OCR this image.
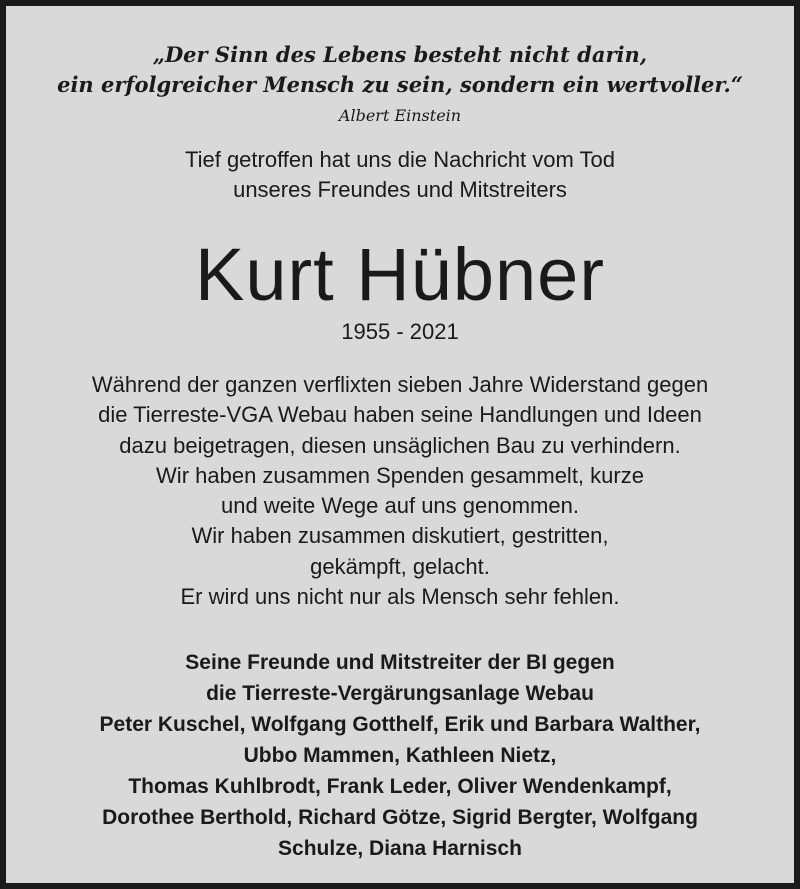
„Der Sinn des Lebens besteht nicht darin,
ein erfolgreicher Mensch zu sein, sondern ein wertvoller.“
Albert Einstein
Tief getroffen hat uns die Nachricht vom Tod
unseres Freundes und Mitstreiters
Kurt Hübner
1955 - 2021
Während der ganzen verflixten sieben Jahre Widerstand gegen
die Tierreste-VGA Webau haben seine Handlungen und Ideen
dazu beigetragen, diesen unsäglichen Bau zu verhindern.
Wir haben zusammen Spenden gesammelt, kurze
und weite Wege auf uns genommen.
Wir haben zusammen diskutiert, gestritten,
gekämpft, gelacht.
Er wird uns nicht nur als Mensch sehr fehlen.
Seine Freunde und Mitstreiter der BI gegen
die Tierreste-Vergärungsanlage Webau
Peter Kuschel, Wolfgang Gotthelf, Erik und Barbara Walther,
Ubbo Mammen, Kathleen Nietz,
Thomas Kuhlbrodt, Frank Leder, Oliver Wendenkampf,
Dorothee Berthold, Richard Götze, Sigrid Bergter, Wolfgang
Schulze, Diana Harnisch
